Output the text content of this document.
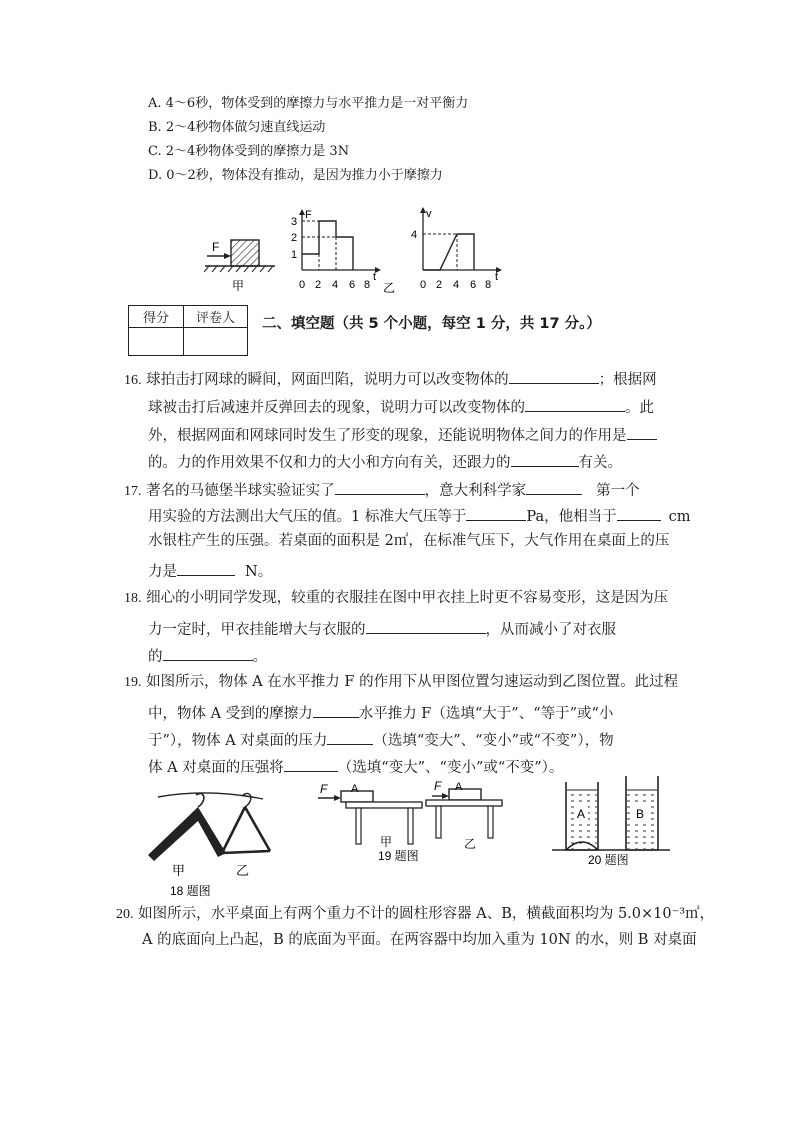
A. 4～6秒，物体受到的摩擦力与水平推力是一对平衡力
B. 2～4秒物体做匀速直线运动
C. 2～4秒物体受到的摩擦力是 3N
D. 0～2秒，物体没有推动，是因为推力小于摩擦力
F
甲
F
3
2
1
0 2 4 6 8
t
乙
v
4
0 2 4 6 8
t
得分	评卷人
	二、填空题（共 5 个小题，每空 1 分，共 17 分。）
16. 球拍击打网球的瞬间，网面凹陷，说明力可以改变物体的	；根据网
球被击打后减速并反弹回去的现象，说明力可以改变物体的	。此
外，根据网面和网球同时发生了形变的现象，还能说明物体之间力的作用是
的。力的作用效果不仅和力的大小和方向有关，还跟力的	有关。
17. 著名的马德堡半球实验证实了	，意大利科学家	第一个
用实验的方法测出大气压的值。1 标准大气压等于	Pa，他相当于	cm
水银柱产生的压强。若桌面的面积是 2㎡，在标准气压下，大气作用在桌面上的压
力是	N。
18. 细心的小明同学发现，较重的衣服挂在图中甲衣挂上时更不容易变形，这是因为压
力一定时，甲衣挂能增大与衣服的	，从而减小了对衣服
的	。
19. 如图所示，物体 A 在水平推力 F 的作用下从甲图位置匀速运动到乙图位置。此过程
中，物体 A 受到的摩擦力	水平推力 F（选填“大于”、“等于”或“小
于”），物体 A 对桌面的压力	（选填“变大”、“变小”或“不变”），物
体 A 对桌面的压强将	（选填“变大”、“变小”或“不变”）。
甲	乙
18 题图
F A
甲
F A
乙
19 题图
A	B
20 题图
20. 如图所示，水平桌面上有两个重力不计的圆柱形容器 A、B，横截面积均为 5.0×10⁻³㎡，
A 的底面向上凸起，B 的底面为平面。在两容器中均加入重为 10N 的水，则 B 对桌面
